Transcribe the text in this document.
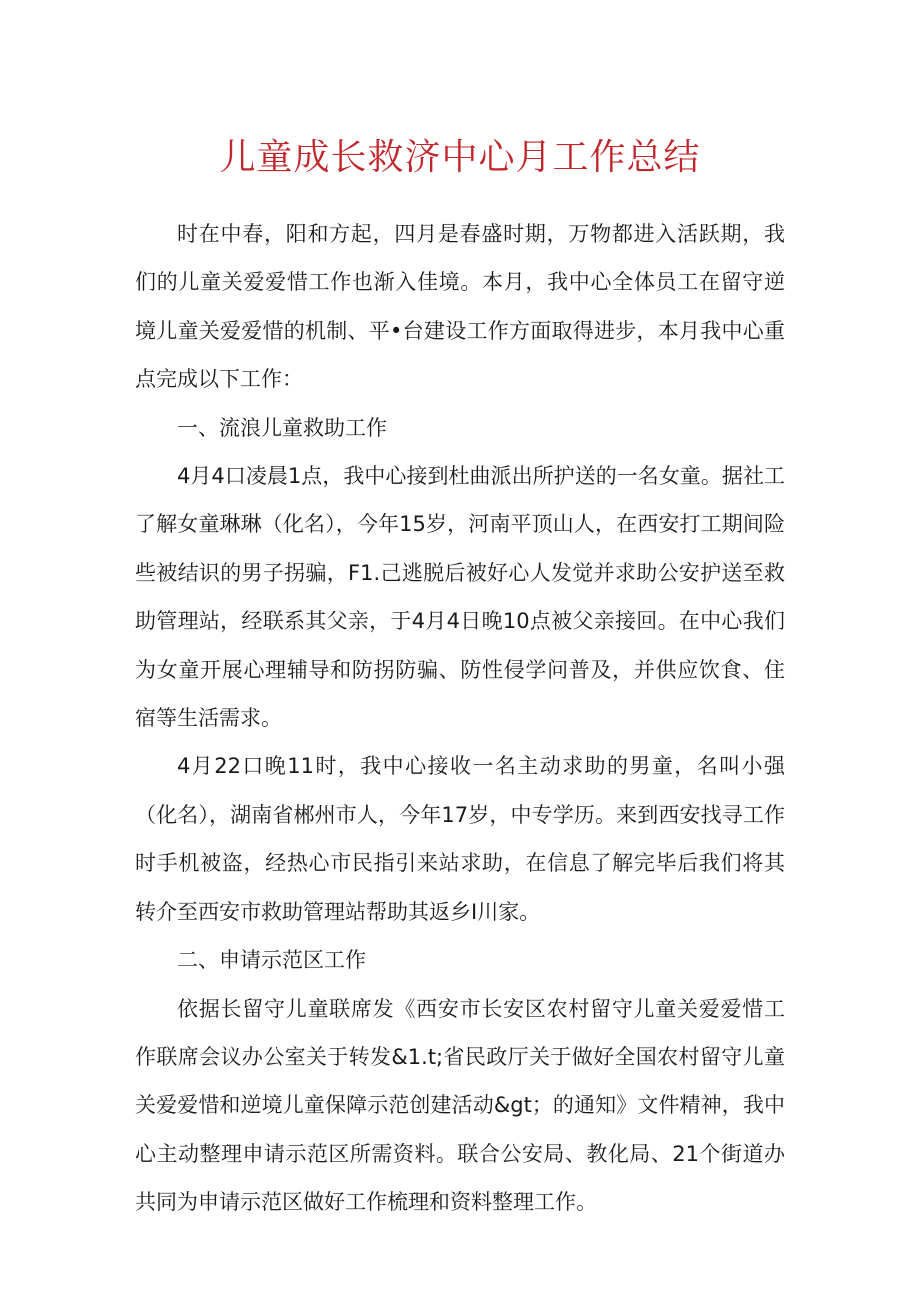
儿童成长救济中心月工作总结

时在中春，阳和方起，四月是春盛时期，万物都进入活跃期，我们的儿童关爱爱惜工作也渐入佳境。本月，我中心全体员工在留守逆境儿童关爱爱惜的机制、平•台建设工作方面取得进步，本月我中心重点完成以下工作：

一、流浪儿童救助工作

4月4口凌晨1点，我中心接到杜曲派出所护送的一名女童。据社工了解女童琳琳（化名），今年15岁，河南平顶山人，在西安打工期间险些被结识的男子拐骗，F1.己逃脱后被好心人发觉并求助公安护送至救助管理站，经联系其父亲，于4月4日晚10点被父亲接回。在中心我们为女童开展心理辅导和防拐防骗、防性侵学问普及，并供应饮食、住宿等生活需求。

4月22口晚11时，我中心接收一名主动求助的男童，名叫小强（化名），湖南省郴州市人，今年17岁，中专学历。来到西安找寻工作时手机被盗，经热心市民指引来站求助，在信息了解完毕后我们将其转介至西安市救助管理站帮助其返乡I川家。

二、申请示范区工作

依据长留守儿童联席发《西安市长安区农村留守儿童关爱爱惜工作联席会议办公室关于转发&1.t;省民政厅关于做好全国农村留守儿童关爱爱惜和逆境儿童保障示范创建活动&gt；的通知》文件精神，我中心主动整理申请示范区所需资料。联合公安局、教化局、21个街道办共同为申请示范区做好工作梳理和资料整理工作。
